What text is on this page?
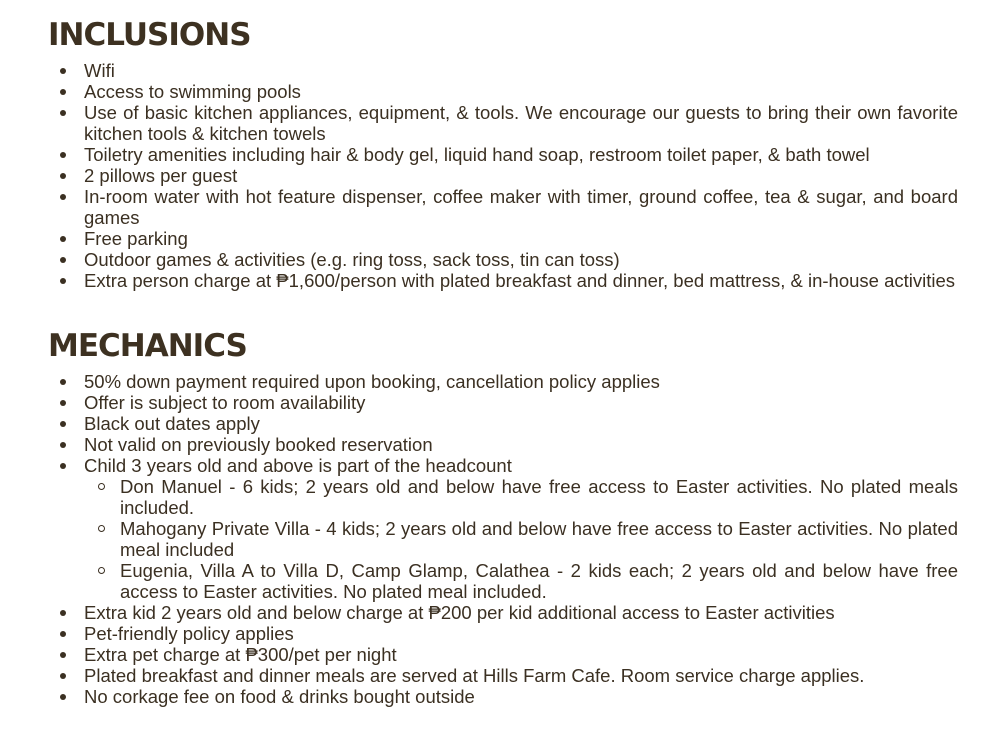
INCLUSIONS
Wifi
Access to swimming pools
Use of basic kitchen appliances, equipment, & tools. We encourage our guests to bring their own favorite kitchen tools & kitchen towels
Toiletry amenities including hair & body gel, liquid hand soap, restroom toilet paper, & bath towel
2 pillows per guest
In-room water with hot feature dispenser, coffee maker with timer, ground coffee, tea & sugar, and board games
Free parking
Outdoor games & activities (e.g. ring toss, sack toss, tin can toss)
Extra person charge at ₱1,600/person with plated breakfast and dinner, bed mattress, & in-house activities
MECHANICS
50% down payment required upon booking, cancellation policy applies
Offer is subject to room availability
Black out dates apply
Not valid on previously booked reservation
Child 3 years old and above is part of the headcount
Don Manuel - 6 kids; 2 years old and below have free access to Easter activities. No plated meals included.
Mahogany Private Villa - 4 kids; 2 years old and below have free access to Easter activities. No plated meal included
Eugenia, Villa A to Villa D, Camp Glamp, Calathea - 2 kids each; 2 years old and below have free access to Easter activities. No plated meal included.
Extra kid 2 years old and below charge at ₱200 per kid additional access to Easter activities
Pet-friendly policy applies
Extra pet charge at ₱300/pet per night
Plated breakfast and dinner meals are served at Hills Farm Cafe. Room service charge applies.
No corkage fee on food & drinks bought outside
